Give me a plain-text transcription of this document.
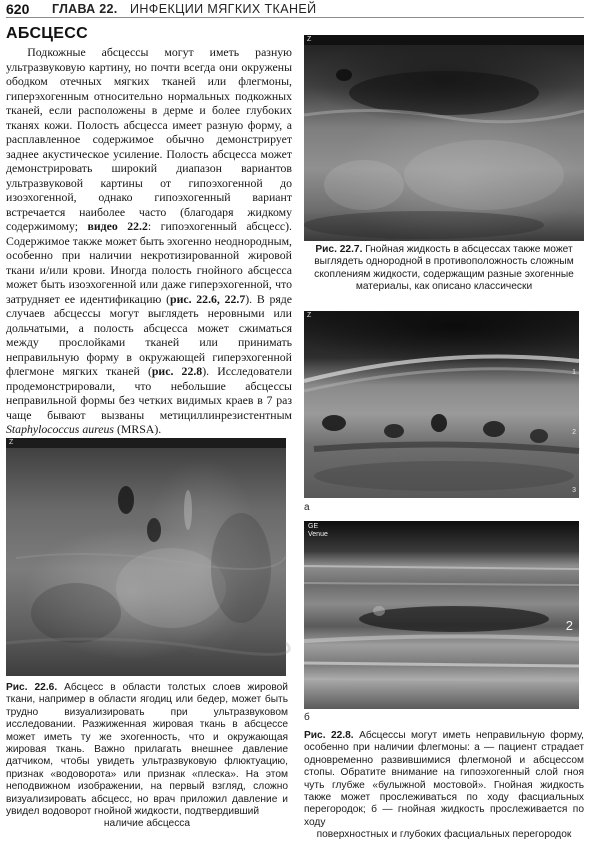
620 ГЛАВА 22. ИНФЕКЦИИ МЯГКИХ ТКАНЕЙ
АБСЦЕСС

Подкожные абсцессы могут иметь разную ультразвуковую картину, но почти всегда они окружены ободком отечных мягких тканей или флегмоны, гиперэхогенным относительно нормальных подкожных тканей, если расположены в дерме и более глубоких тканях кожи. Полость абсцесса имеет разную форму, а расплавленное содержимое обычно демонстрирует заднее акустическое усиление. Полость абсцесса может демонстрировать широкий диапазон вариантов ультразвуковой картины от гипоэхогенной до изоэхогенной, однако гипоэхогенный вариант встречается наиболее часто (благодаря жидкому содержимому; видео 22.2: гипоэхогенный абсцесс). Содержимое также может быть эхогенно неоднородным, особенно при наличии некротизированной жировой ткани и/или крови. Иногда полость гнойного абсцесса может быть изоэхогенной или даже гиперэхогенной, что затрудняет ее идентификацию (рис. 22.6, 22.7). В ряде случаев абсцессы могут выглядеть неровными или дольчатыми, а полость абсцесса может сжиматься между прослойками тканей или принимать неправильную форму в окружающей гиперэхогенной флегмоне мягких тканей (рис. 22.8). Исследователи продемонстрировали, что небольшие абсцессы неправильной формы без четких видимых краев в 7 раз чаще бывают вызваны метициллинрезистентным Staphylococcus aureus (MRSA).

Z
Рис. 22.6. Абсцесс в области толстых слоев жировой ткани, например в области ягодиц или бедер, может быть трудно визуализировать при ультразвуковом исследовании. Разжиженная жировая ткань в абсцессе может иметь ту же эхогенность, что и окружающая жировая ткань. Важно прилагать внешнее давление датчиком, чтобы увидеть ультразвуковую флюктуацию, признак «водоворота» или признак «плеска». На этом неподвижном изображении, на первый взгляд, сложно визуализировать абсцесс, но врач приложил давление и увидел водоворот гнойной жидкости, подтвердивший
наличие абсцесса
Z
Рис. 22.7. Гнойная жидкость в абсцессах также может выглядеть однородной в противоположность сложным скоплениям жидкости, содержащим разные эхогенные материалы, как описано классически
Z
1
2
3
а
GE
Venue
2
б
Рис. 22.8. Абсцессы могут иметь неправильную форму, особенно при наличии флегмоны: а — пациент страдает одновременно развившимися флегмоной и абсцессом стопы. Обратите внимание на гипоэхогенный слой гноя чуть глубже «булыжной мостовой». Гнойная жидкость также может прослеживаться по ходу фасциальных перегородок; б — гнойная жидкость прослеживается по ходу
поверхностных и глубоких фасциальных перегородок
